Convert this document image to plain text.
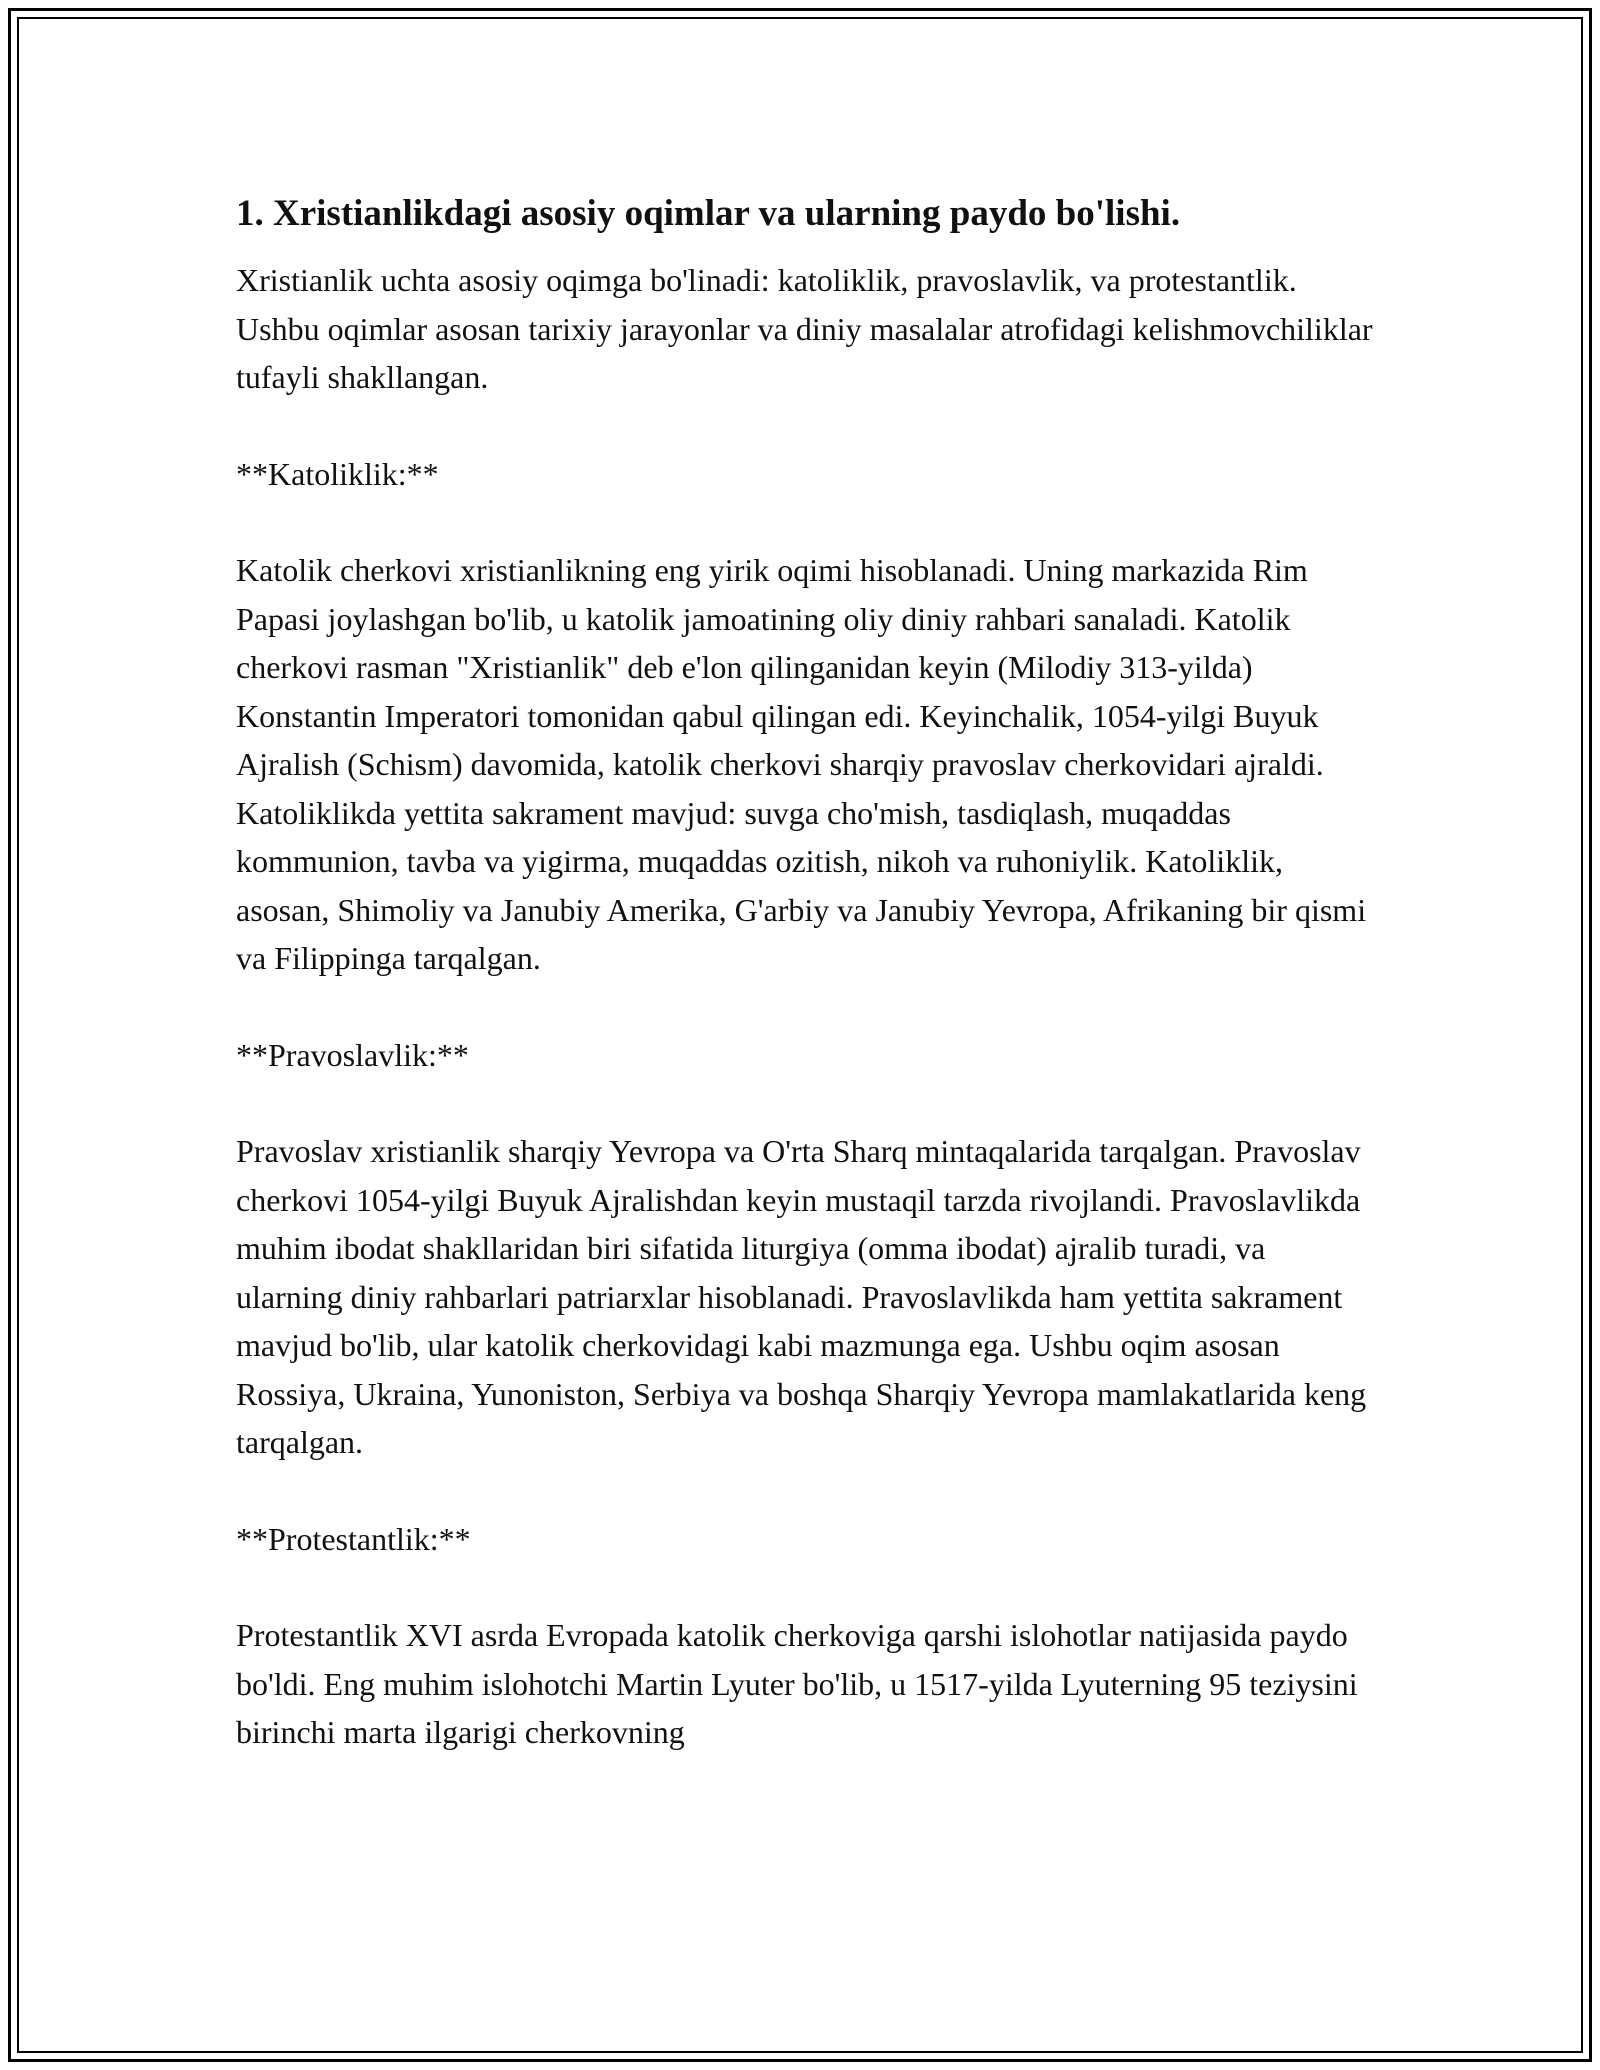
1. Xristianlikdagi asosiy oqimlar va ularning paydo bo'lishi.

Xristianlik uchta asosiy oqimga bo'linadi: katoliklik, pravoslavlik, va protestantlik. Ushbu oqimlar asosan tarixiy jarayonlar va diniy masalalar atrofidagi kelishmovchiliklar tufayli shakllangan.

**Katoliklik:**

Katolik cherkovi xristianlikning eng yirik oqimi hisoblanadi. Uning markazida Rim Papasi joylashgan bo'lib, u katolik jamoatining oliy diniy rahbari sanaladi. Katolik cherkovi rasman "Xristianlik" deb e'lon qilinganidan keyin (Milodiy 313-yilda) Konstantin Imperatori tomonidan qabul qilingan edi. Keyinchalik, 1054-yilgi Buyuk Ajralish (Schism) davomida, katolik cherkovi sharqiy pravoslav cherkovidari ajraldi. Katoliklikda yettita sakrament mavjud: suvga cho'mish, tasdiqlash, muqaddas kommunion, tavba va yigirma, muqaddas ozitish, nikoh va ruhoniylik. Katoliklik, asosan, Shimoliy va Janubiy Amerika, G'arbiy va Janubiy Yevropa, Afrikaning bir qismi va Filippinga tarqalgan.

**Pravoslavlik:**

Pravoslav xristianlik sharqiy Yevropa va O'rta Sharq mintaqalarida tarqalgan. Pravoslav cherkovi 1054-yilgi Buyuk Ajralishdan keyin mustaqil tarzda rivojlandi. Pravoslavlikda muhim ibodat shakllaridan biri sifatida liturgiya (omma ibodat) ajralib turadi, va ularning diniy rahbarlari patriarxlar hisoblanadi. Pravoslavlikda ham yettita sakrament mavjud bo'lib, ular katolik cherkovidagi kabi mazmunga ega. Ushbu oqim asosan Rossiya, Ukraina, Yunoniston, Serbiya va boshqa Sharqiy Yevropa mamlakatlarida keng tarqalgan.

**Protestantlik:**

Protestantlik XVI asrda Evropada katolik cherkoviga qarshi islohotlar natijasida paydo bo'ldi. Eng muhim islohotchi Martin Lyuter bo'lib, u 1517-yilda Lyuterning 95 teziysini birinchi marta ilgarigi cherkovning
